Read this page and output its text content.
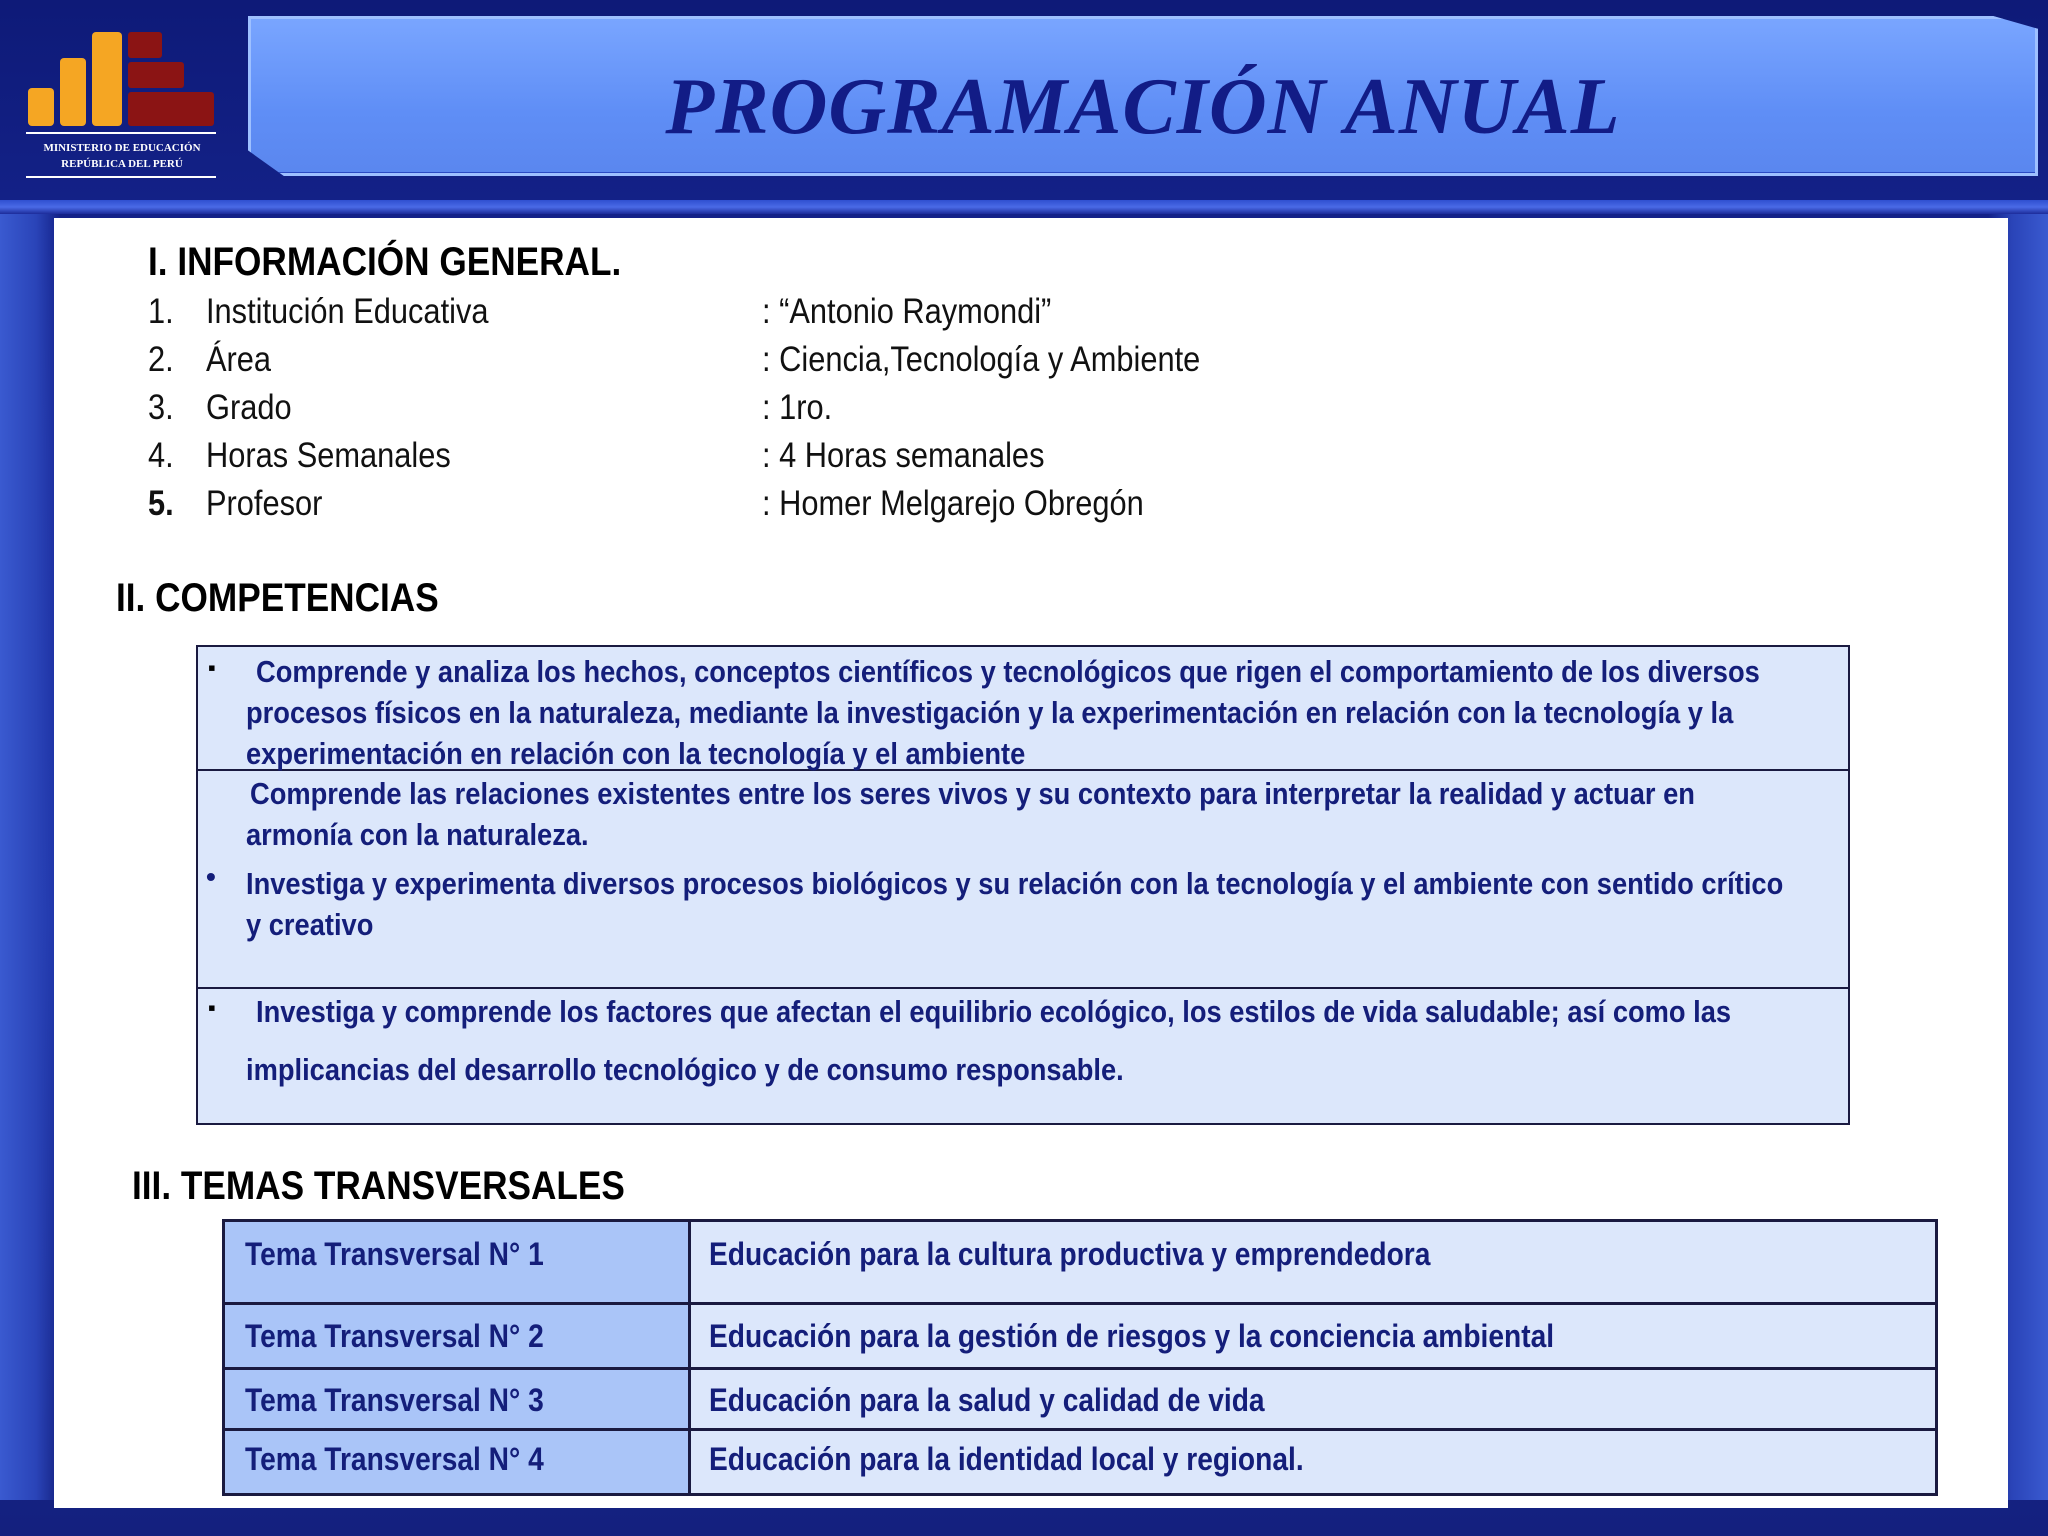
MINISTERIO DE EDUCACIÓN
REPÚBLICA DEL PERÚ
PROGRAMACIÓN ANUAL
I. INFORMACIÓN GENERAL.
1. Institución Educativa	: “Antonio Raymondi”
2. Área	: Ciencia,Tecnología y Ambiente
3. Grado	: 1ro.
4. Horas Semanales	: 4 Horas semanales
5. Profesor	: Homer Melgarejo Obregón
II. COMPETENCIAS
▪ Comprende y analiza los hechos, conceptos científicos y tecnológicos que rigen el comportamiento de los diversos
procesos físicos en la naturaleza, mediante la investigación y la experimentación en relación con la tecnología y la
experimentación en relación con la tecnología y el ambiente
Comprende las relaciones existentes entre los seres vivos y su contexto para interpretar la realidad y actuar en
armonía con la naturaleza.
• Investiga y experimenta diversos procesos biológicos y su relación con la tecnología y el ambiente con sentido crítico
y creativo
▪ Investiga y comprende los factores que afectan el equilibrio ecológico, los estilos de vida saludable; así como las
implicancias del desarrollo tecnológico y de consumo responsable.
III. TEMAS TRANSVERSALES
Tema Transversal N° 1	Educación para la cultura productiva y emprendedora
Tema Transversal N° 2	Educación para la gestión de riesgos y la conciencia ambiental
Tema Transversal N° 3	Educación para la salud y calidad de vida
Tema Transversal N° 4	Educación para la identidad local y regional.
